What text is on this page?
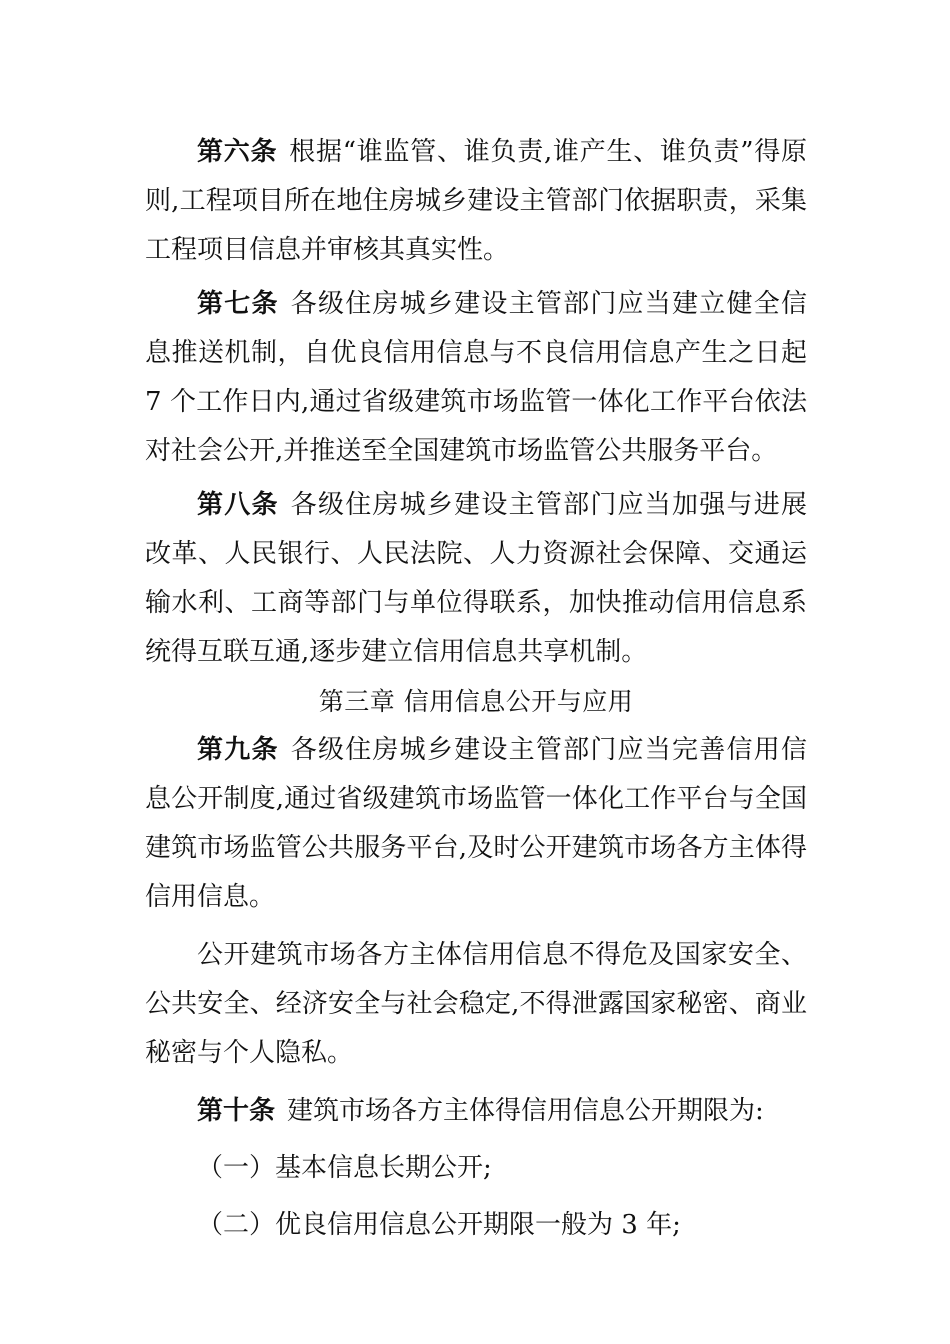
第六条 根据“谁监管、谁负责,谁产生、谁负责”得原则,工程项目所在地住房城乡建设主管部门依据职责，采集工程项目信息并审核其真实性。

第七条 各级住房城乡建设主管部门应当建立健全信息推送机制，自优良信用信息与不良信用信息产生之日起 7 个工作日内,通过省级建筑市场监管一体化工作平台依法对社会公开,并推送至全国建筑市场监管公共服务平台。

第八条 各级住房城乡建设主管部门应当加强与进展改革、人民银行、人民法院、人力资源社会保障、交通运输水利、工商等部门与单位得联系，加快推动信用信息系统得互联互通,逐步建立信用信息共享机制。

第三章 信用信息公开与应用

第九条 各级住房城乡建设主管部门应当完善信用信息公开制度,通过省级建筑市场监管一体化工作平台与全国建筑市场监管公共服务平台,及时公开建筑市场各方主体得信用信息。

公开建筑市场各方主体信用信息不得危及国家安全、公共安全、经济安全与社会稳定,不得泄露国家秘密、商业秘密与个人隐私。

第十条 建筑市场各方主体得信用信息公开期限为:

（一）基本信息长期公开;

（二）优良信用信息公开期限一般为 3 年;
